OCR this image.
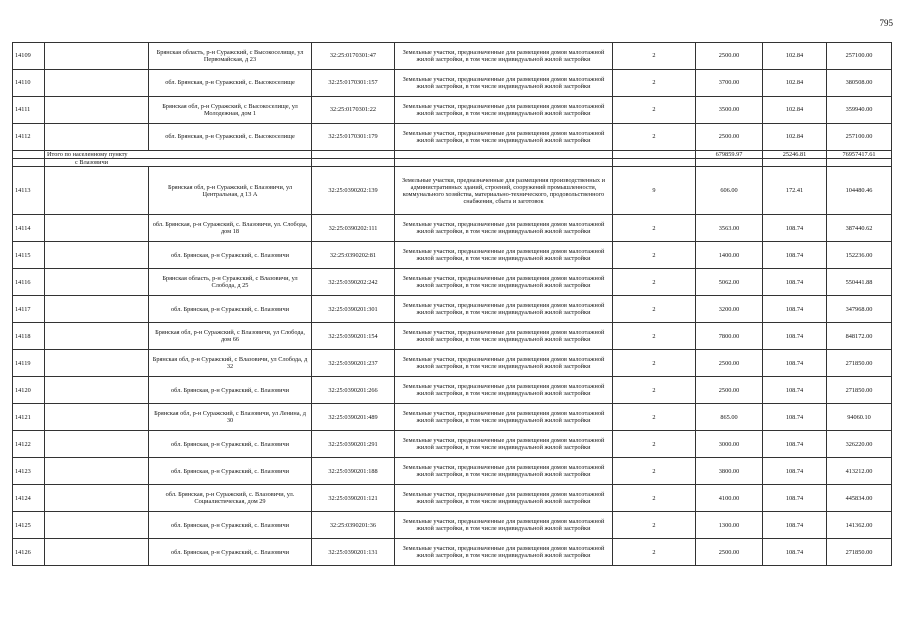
795
14109		Брянская область, р-н Суражский, с Высокоселище, ул Первомайская, д 23	32:25:0170301:47	Земельные участки, предназначенные для размещения домов малоэтажной жилой застройки, в том числе индивидуальной жилой застройки	2	2500.00	102.84	257100.00
14110		обл. Брянская, р-н Суражский, с. Высокоселище	32:25:0170301:157	Земельные участки, предназначенные для размещения домов малоэтажной жилой застройки, в том числе индивидуальной жилой застройки	2	3700.00	102.84	380508.00
14111		Брянская обл, р-н Суражский, с Высокоселище, ул Молодежная, дом 1	32:25:0170301:22	Земельные участки, предназначенные для размещения домов малоэтажной жилой застройки, в том числе индивидуальной жилой застройки	2	3500.00	102.84	359940.00
14112		обл. Брянская, р-н Суражский, с. Высокоселище	32:25:0170301:179	Земельные участки, предназначенные для размещения домов малоэтажной жилой застройки, в том числе индивидуальной жилой застройки	2	2500.00	102.84	257100.00
	Итого по населенному пункту					679859.97	25246.81	76957417.61
	с Влазовичи							
14113		Брянская обл, р-н Суражский, с Влазовичи, ул Центральная, д 13 А	32:25:0390202:139	Земельные участки, предназначенные для размещения производственных и административных зданий, строений, сооружений промышленности, коммунального хозяйства, материально-технического, продовольственного снабжения, сбыта и заготовок	9	606.00	172.41	104480.46
14114		обл. Брянская, р-н Суражский, с. Влазовичи, ул. Слобода, дом 18	32:25:0390202:111	Земельные участки, предназначенные для размещения домов малоэтажной жилой застройки, в том числе индивидуальной жилой застройки	2	3563.00	108.74	387440.62
14115		обл. Брянская, р-н Суражский, с. Влазовичи	32:25:0390202:81	Земельные участки, предназначенные для размещения домов малоэтажной жилой застройки, в том числе индивидуальной жилой застройки	2	1400.00	108.74	152236.00
14116		Брянская область, р-н Суражский, с Влазовичи, ул Слобода, д 25	32:25:0390202:242	Земельные участки, предназначенные для размещения домов малоэтажной жилой застройки, в том числе индивидуальной жилой застройки	2	5062.00	108.74	550441.88
14117		обл. Брянская, р-н Суражский, с. Влазовичи	32:25:0390201:301	Земельные участки, предназначенные для размещения домов малоэтажной жилой застройки, в том числе индивидуальной жилой застройки	2	3200.00	108.74	347968.00
14118		Брянская обл, р-н Суражский, с Влазовичи, ул Слобода, дом 66	32:25:0390201:154	Земельные участки, предназначенные для размещения домов малоэтажной жилой застройки, в том числе индивидуальной жилой застройки	2	7800.00	108.74	848172.00
14119		Брянская обл, р-н Суражский, с Влазовичи, ул Слобода, д 32	32:25:0390201:237	Земельные участки, предназначенные для размещения домов малоэтажной жилой застройки, в том числе индивидуальной жилой застройки	2	2500.00	108.74	271850.00
14120		обл. Брянская, р-н Суражский, с. Влазовичи	32:25:0390201:266	Земельные участки, предназначенные для размещения домов малоэтажной жилой застройки, в том числе индивидуальной жилой застройки	2	2500.00	108.74	271850.00
14121		Брянская обл, р-н Суражский, с Влазовичи, ул Ленина, д 30	32:25:0390201:489	Земельные участки, предназначенные для размещения домов малоэтажной жилой застройки, в том числе индивидуальной жилой застройки	2	865.00	108.74	94060.10
14122		обл. Брянская, р-н Суражский, с. Влазовичи	32:25:0390201:291	Земельные участки, предназначенные для размещения домов малоэтажной жилой застройки, в том числе индивидуальной жилой застройки	2	3000.00	108.74	326220.00
14123		обл. Брянская, р-н Суражский, с. Влазовичи	32:25:0390201:188	Земельные участки, предназначенные для размещения домов малоэтажной жилой застройки, в том числе индивидуальной жилой застройки	2	3800.00	108.74	413212.00
14124		обл. Брянская, р-н Суражский, с. Влазовичи, ул. Социалистическая, дом 29	32:25:0390201:121	Земельные участки, предназначенные для размещения домов малоэтажной жилой застройки, в том числе индивидуальной жилой застройки	2	4100.00	108.74	445834.00
14125		обл. Брянская, р-н Суражский, с. Влазовичи	32:25:0390201:36	Земельные участки, предназначенные для размещения домов малоэтажной жилой застройки, в том числе индивидуальной жилой застройки	2	1300.00	108.74	141362.00
14126		обл. Брянская, р-н Суражский, с. Влазовичи	32:25:0390201:131	Земельные участки, предназначенные для размещения домов малоэтажной жилой застройки, в том числе индивидуальной жилой застройки	2	2500.00	108.74	271850.00
